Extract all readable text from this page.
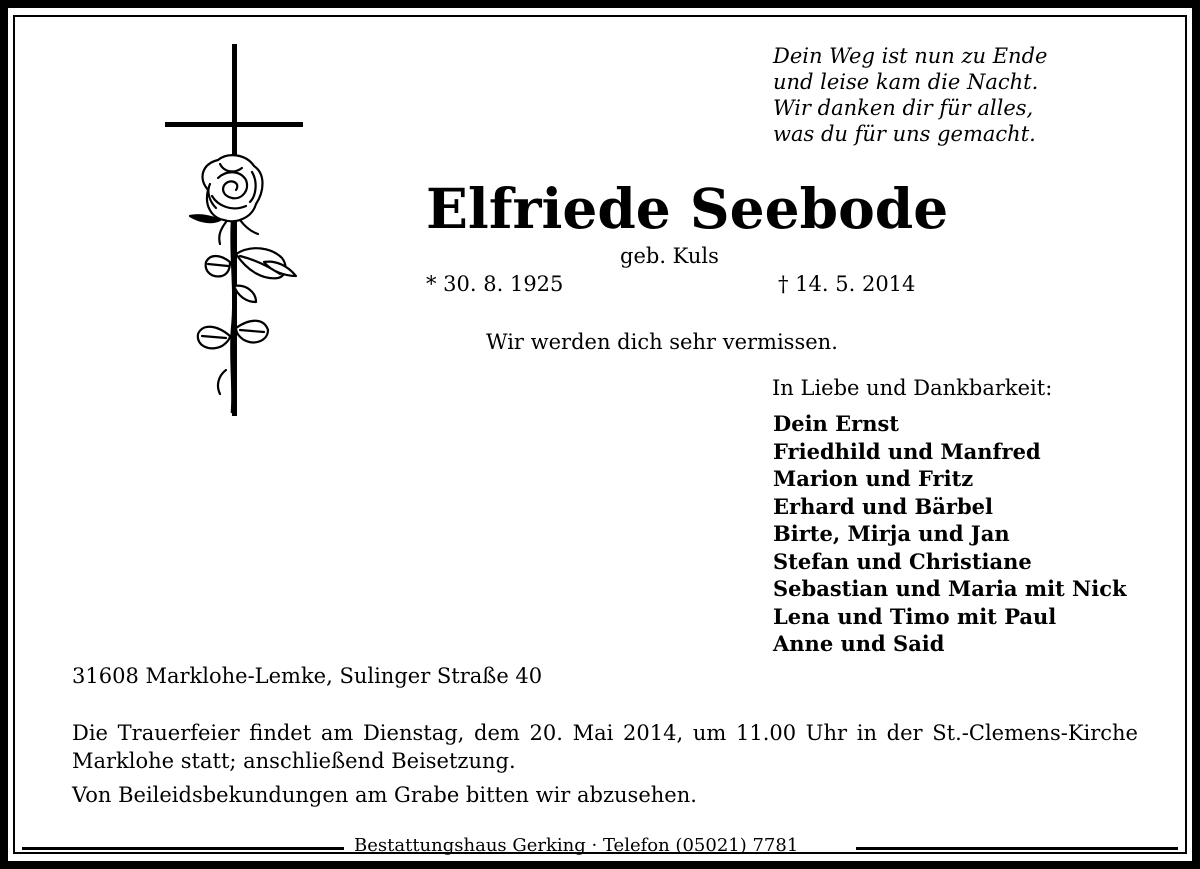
Dein Weg ist nun zu Ende
und leise kam die Nacht.
Wir danken dir für alles,
was du für uns gemacht.
Elfriede Seebode
geb. Kuls
* 30. 8. 1925	† 14. 5. 2014
Wir werden dich sehr vermissen.
In Liebe und Dankbarkeit:
Dein Ernst
Friedhild und Manfred
Marion und Fritz
Erhard und Bärbel
Birte, Mirja und Jan
Stefan und Christiane
Sebastian und Maria mit Nick
Lena und Timo mit Paul
Anne und Said
31608 Marklohe-Lemke, Sulinger Straße 40
Die Trauerfeier findet am Dienstag, dem 20. Mai 2014, um 11.00 Uhr in der St.-Clemens-Kirche Marklohe statt; anschließend Beisetzung.
Von Beileidsbekundungen am Grabe bitten wir abzusehen.
Bestattungshaus Gerking · Telefon (05021) 7781
